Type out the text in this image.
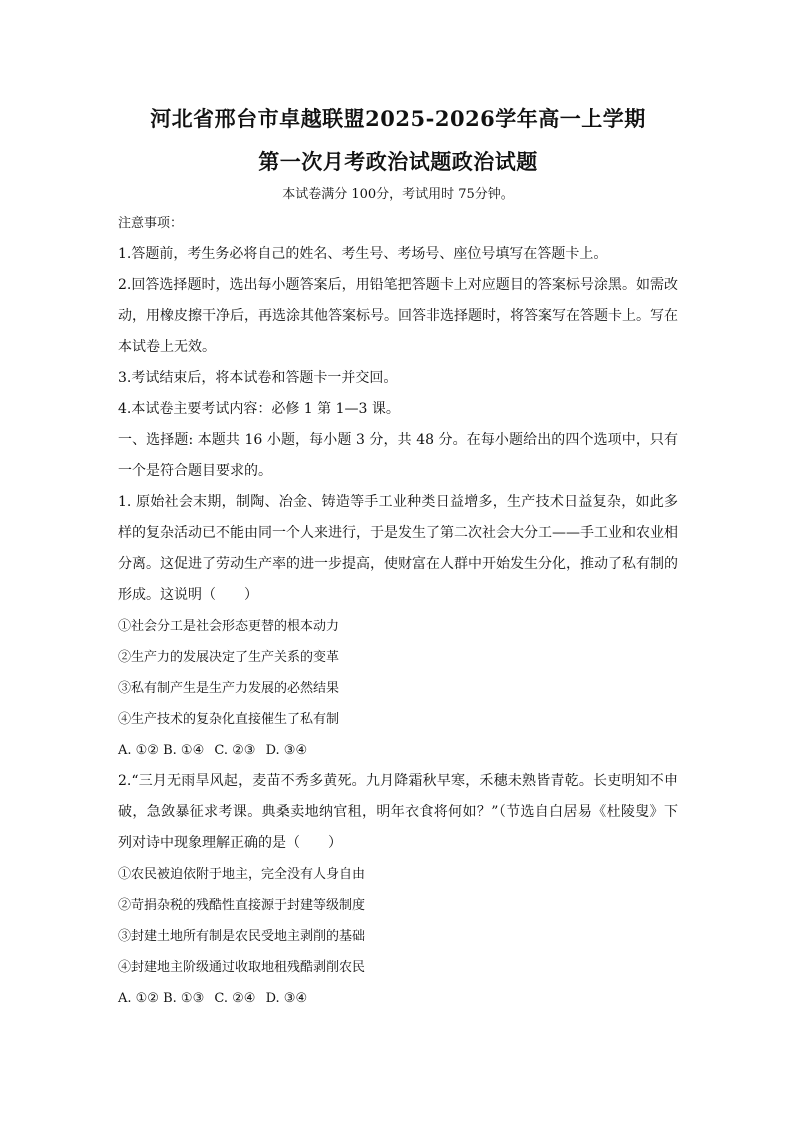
河北省邢台市卓越联盟2025-2026学年高一上学期
第一次月考政治试题政治试题

本试卷满分 100分，考试用时 75分钟。

注意事项：

1.答题前，考生务必将自己的姓名、考生号、考场号、座位号填写在答题卡上。

2.回答选择题时，选出每小题答案后，用铅笔把答题卡上对应题目的答案标号涂黑。如需改动，用橡皮擦干净后，再选涂其他答案标号。回答非选择题时，将答案写在答题卡上。写在本试卷上无效。

3.考试结束后，将本试卷和答题卡一并交回。

4.本试卷主要考试内容：必修 1 第 1—3 课。

一、选择题: 本题共 16 小题，每小题 3 分，共 48 分。在每小题给出的四个选项中，只有一个是符合题目要求的。

1. 原始社会末期，制陶、冶金、铸造等手工业种类日益增多，生产技术日益复杂，如此多样的复杂活动已不能由同一个人来进行，于是发生了第二次社会大分工——手工业和农业相分离。这促进了劳动生产率的进一步提高，使财富在人群中开始发生分化，推动了私有制的形成。这说明（　　）

①社会分工是社会形态更替的根本动力

②生产力的发展决定了生产关系的变革

③私有制产生是生产力发展的必然结果

④生产技术的复杂化直接催生了私有制

A. ①② B. ①④ C. ②③ D. ③④

2.“三月无雨旱风起，麦苗不秀多黄死。九月降霜秋早寒，禾穗未熟皆青乾。长吏明知不申破，急敛暴征求考课。典桑卖地纳官租，明年衣食将何如？”（节选自白居易《杜陵叟》下列对诗中现象理解正确的是（　　）

①农民被迫依附于地主，完全没有人身自由

②苛捐杂税的残酷性直接源于封建等级制度

③封建土地所有制是农民受地主剥削的基础

④封建地主阶级通过收取地租残酷剥削农民

A. ①② B. ①③ C. ②④ D. ③④
